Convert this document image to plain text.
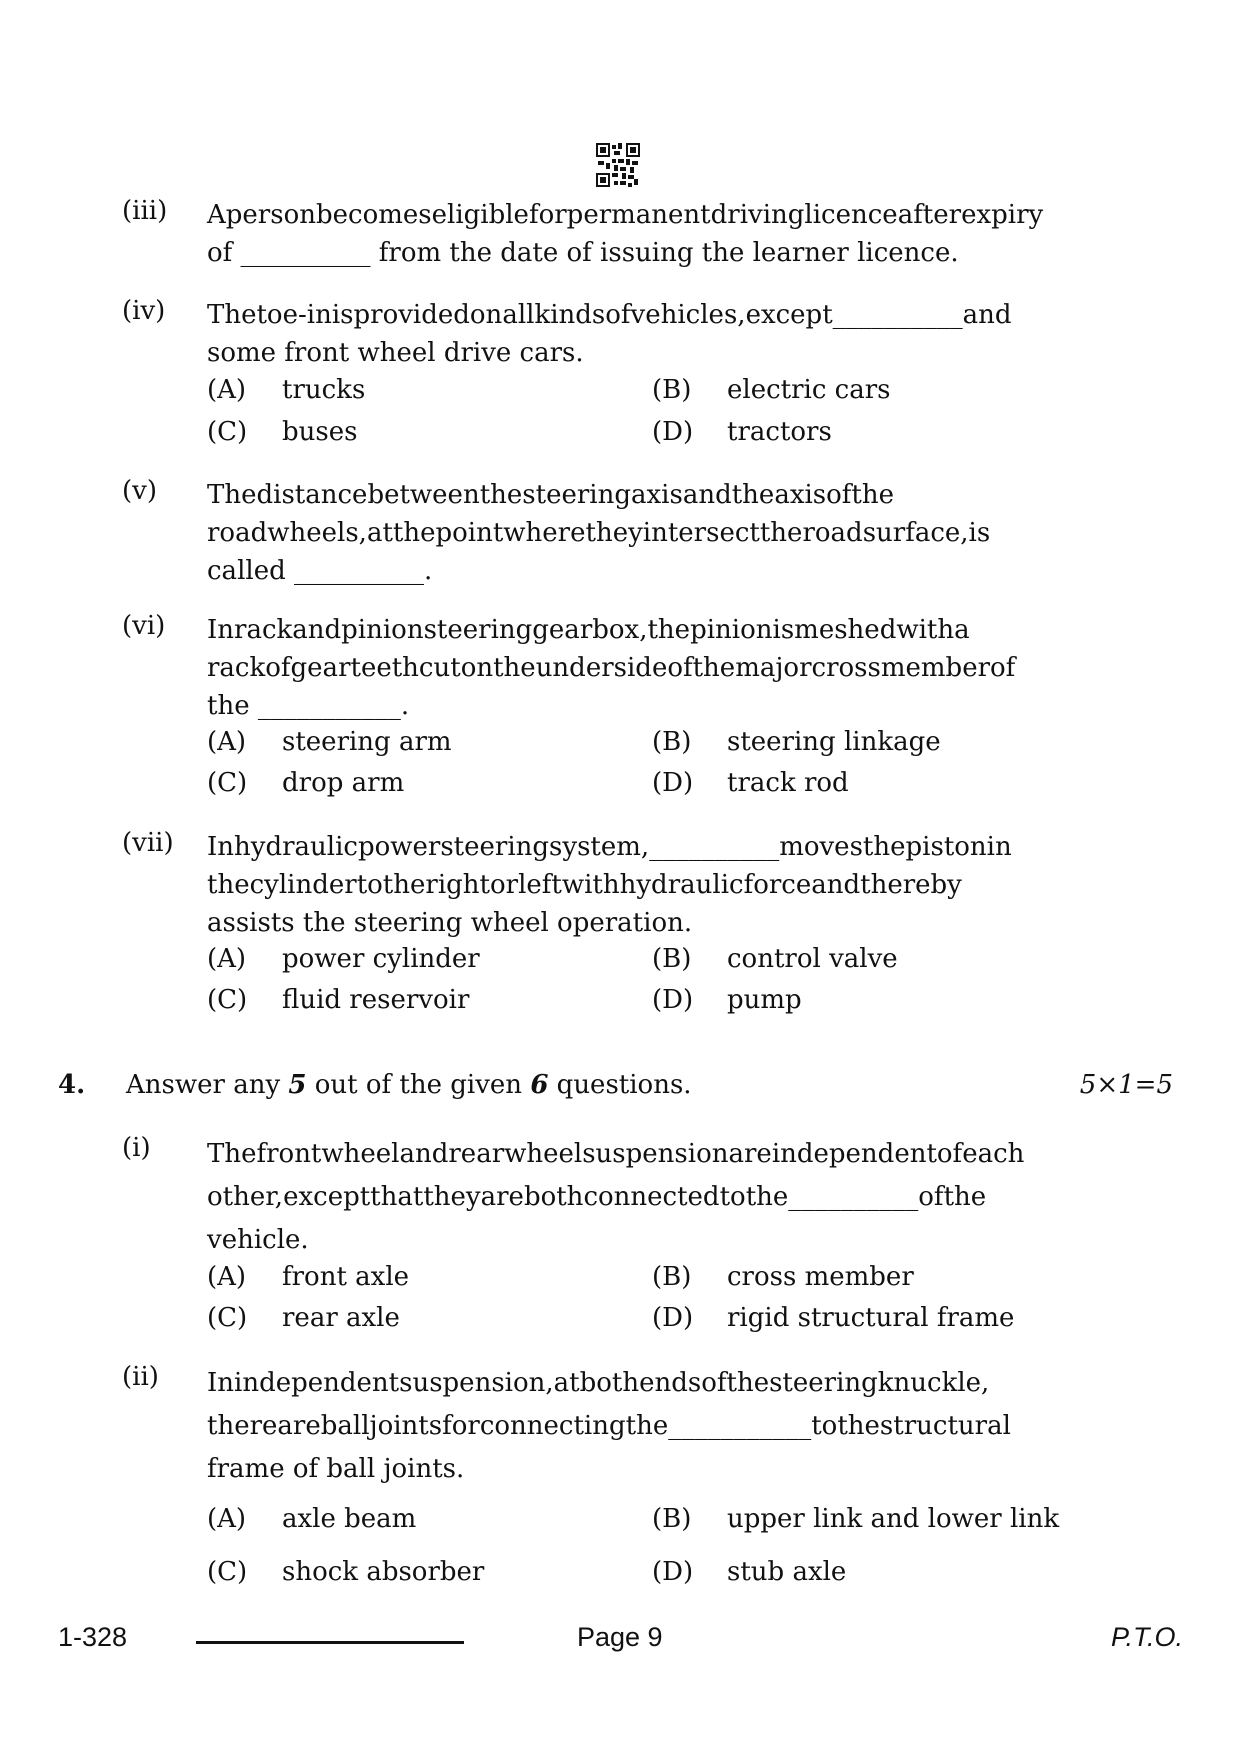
(iii) Apersonbecomeseligibleforpermanentdrivinglicenceafterexpiry
of __________ from the date of issuing the learner licence.
(iv) Thetoe-inisprovidedonallkindsofvehicles,except__________and
some front wheel drive cars.
(A) trucks	(B) electric cars
(C) buses	(D) tractors
(v) Thedistancebetweenthesteeringaxisandtheaxisofthe
roadwheels,atthepointwheretheyintersecttheroadsurface,is
called __________.
(vi) Inrackandpinionsteeringgearbox,thepinionismeshedwitha
rackofgearteethcutontheundersideofthemajorcrossmemberof
the ___________.
(A) steering arm	(B) steering linkage
(C) drop arm	(D) track rod
(vii) Inhydraulicpowersteeringsystem,__________movesthepistonin
thecylindertotherightorleftwithhydraulicforceandthereby
assists the steering wheel operation.
(A) power cylinder	(B) control valve
(C) fluid reservoir	(D) pump
4. Answer any 5 out of the given 6 questions.	5×1=5
(i) Thefrontwheelandrearwheelsuspensionareindependentofeach
other,exceptthattheyarebothconnectedtothe__________ofthe
vehicle.
(A) front axle	(B) cross member
(C) rear axle	(D) rigid structural frame
(ii) Inindependentsuspension,atbothendsofthesteeringknuckle,
thereareballjointsforconnectingthe___________tothestructural
frame of ball joints.
(A) axle beam	(B) upper link and lower link
(C) shock absorber	(D) stub axle
1-328	Page 9	P.T.O.
